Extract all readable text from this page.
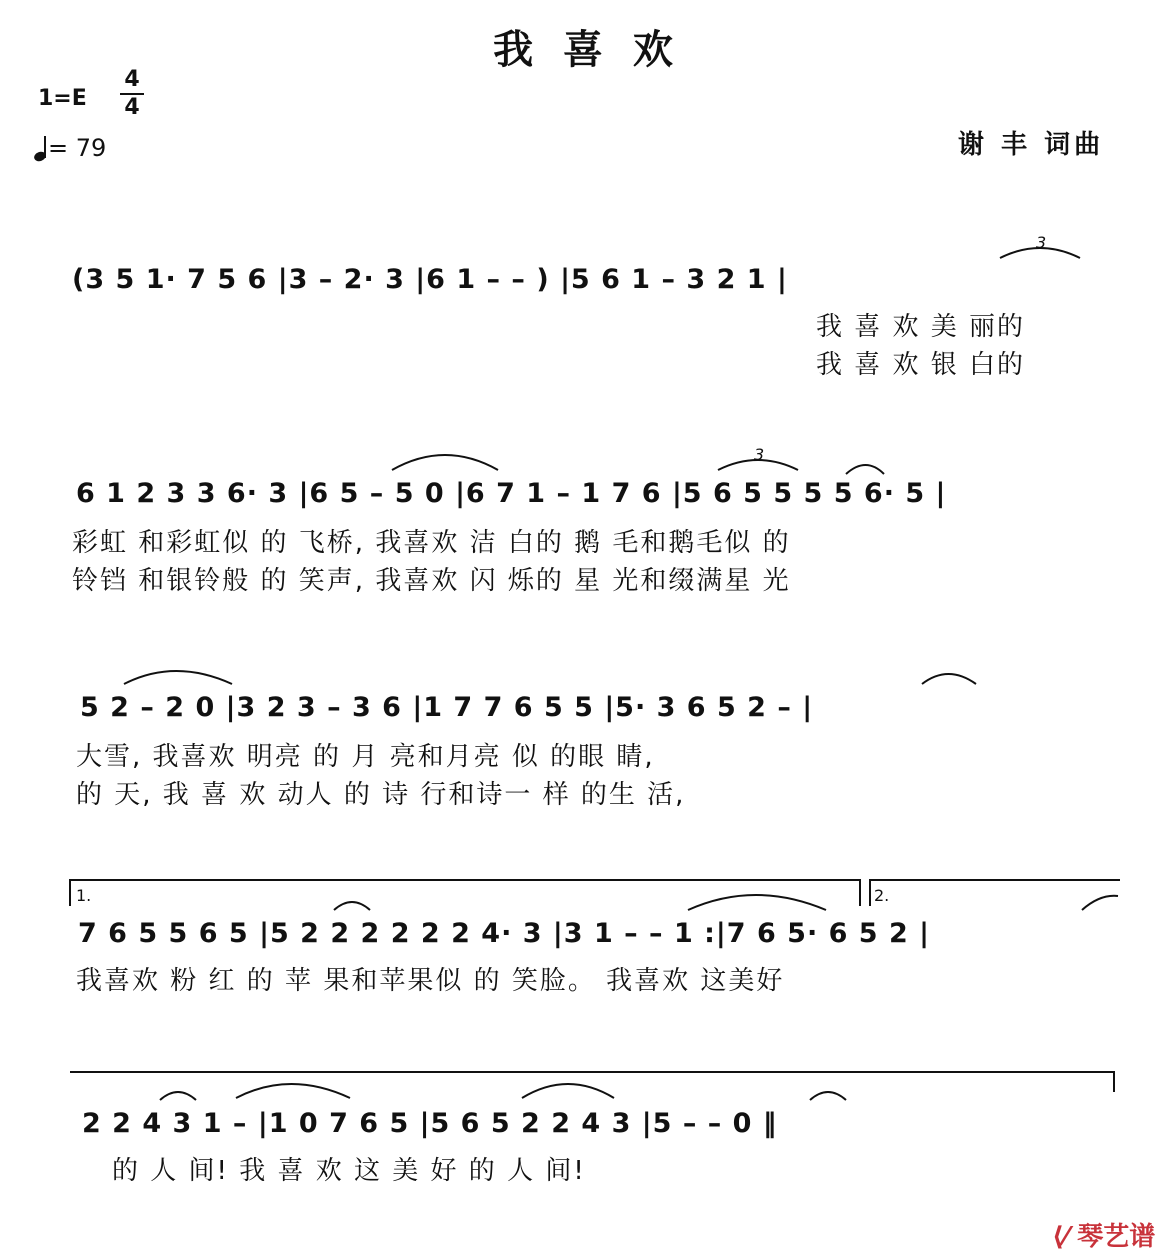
我 喜 欢
1=E
4
4
= 79	谢 丰 词曲
(3 5 1· 7 5 6 |3 – 2· 3 |6 1 – – ) |5 6 1 – 3 2 1 |
我 喜 欢 美 丽的
我 喜 欢 银 白的
6 1 2 3 3 6· 3 |6 5 – 5 0 |6 7 1 – 1 7 6 |5 6 5 5 5 5 6· 5 |
彩虹 和彩虹似 的 飞桥, 我喜欢 洁 白的 鹅 毛和鹅毛似 的
铃铛 和银铃般 的 笑声, 我喜欢 闪 烁的 星 光和缀满星 光
5 2 – 2 0 |3 2 3 – 3 6 |1 7 7 6 5 5 |5· 3 6 5 2 – |
大雪, 我喜欢 明亮 的 月 亮和月亮 似 的眼 睛,
的 天, 我 喜 欢 动人 的 诗 行和诗一 样 的生 活,
1.	2.
7 6 5 5 6 5 |5 2 2 2 2 2 2 4· 3 |3 1 – – 1 :|7 6 5· 6 5 2 |
我喜欢 粉 红 的 苹 果和苹果似 的 笑脸。 我喜欢 这美好
2 2 4 3 1 – |1 0 7 6 5 |5 6 5 2 2 4 3 |5 – – 0 ‖
的 人 间! 我 喜 欢 这 美 好 的 人 间!
3
3
⟨⁄ 琴艺谱
